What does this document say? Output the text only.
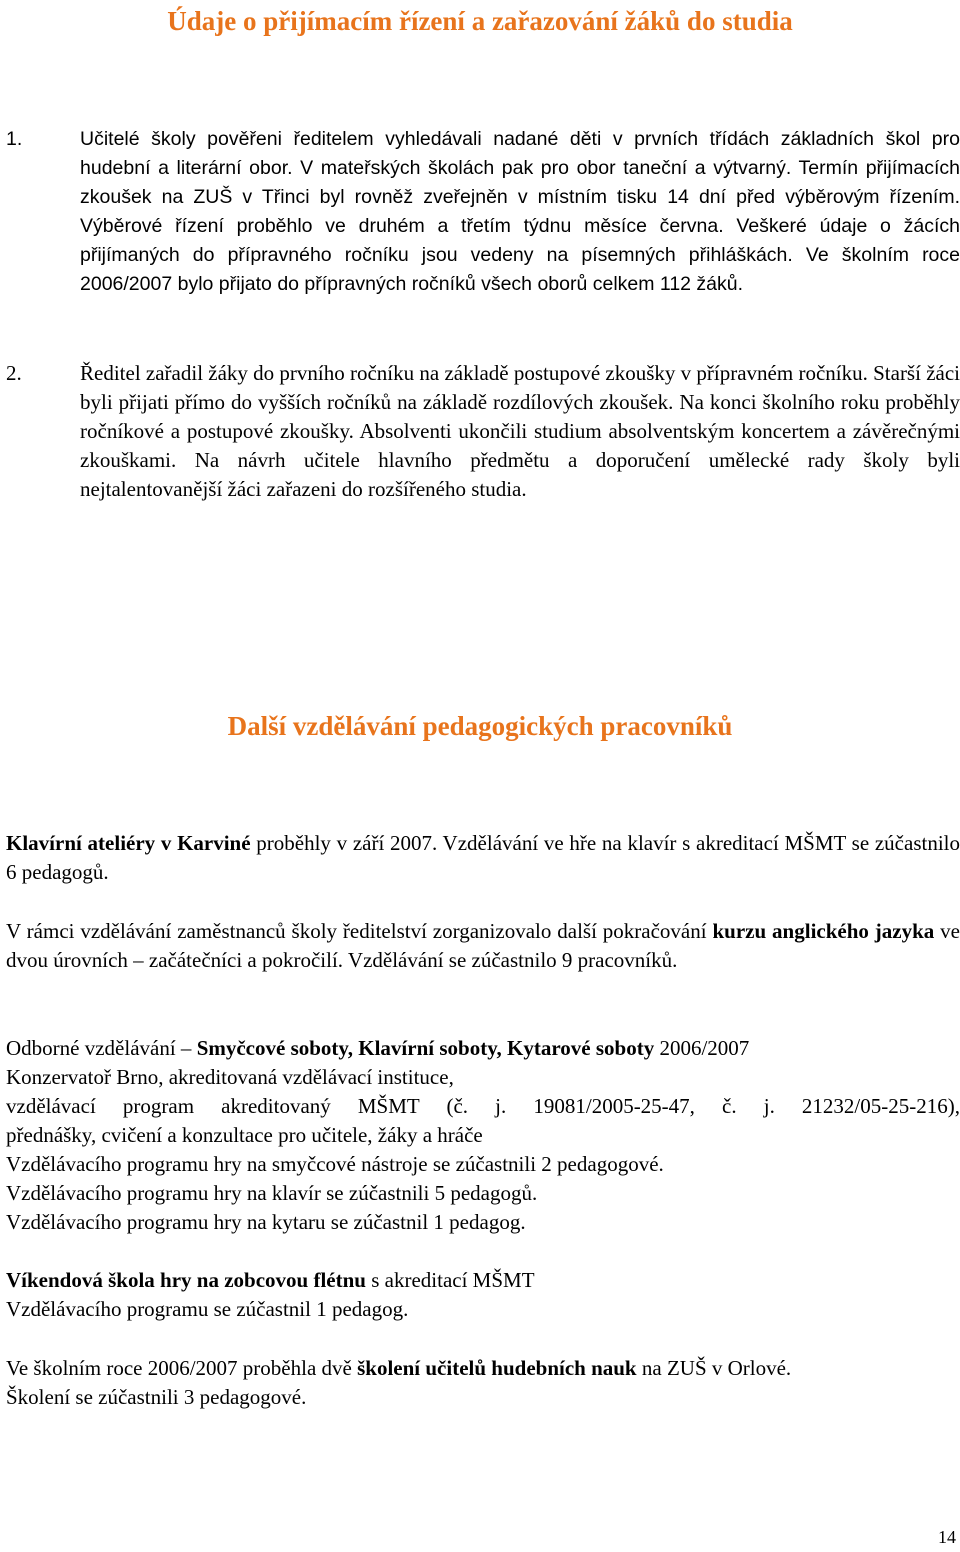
Údaje o přijímacím řízení a zařazování žáků do studia
1.	Učitelé školy pověřeni ředitelem vyhledávali nadané děti v prvních třídách základních škol pro hudební a literární obor. V mateřských školách pak pro obor taneční a výtvarný. Termín přijímacích zkoušek na ZUŠ v Třinci byl rovněž zveřejněn v místním tisku 14 dní před výběrovým řízením. Výběrové řízení proběhlo ve druhém a třetím týdnu měsíce června. Veškeré údaje o žácích přijímaných do přípravného ročníku jsou vedeny na písemných přihláškách. Ve školním roce 2006/2007 bylo přijato do přípravných ročníků všech oborů celkem 112 žáků.
2.	Ředitel zařadil žáky do prvního ročníku na základě postupové zkoušky v přípravném ročníku. Starší žáci byli přijati přímo do vyšších ročníků na základě rozdílových zkoušek. Na konci školního roku proběhly ročníkové a postupové zkoušky. Absolventi ukončili studium absolventským koncertem a závěrečnými zkouškami. Na návrh učitele hlavního předmětu a doporučení umělecké rady školy byli nejtalentovanější žáci zařazeni do rozšířeného studia.
Další vzdělávání pedagogických pracovníků
Klavírní ateliéry v Karviné proběhly v září 2007. Vzdělávání ve hře na klavír s akreditací MŠMT se zúčastnilo 6 pedagogů.
V rámci vzdělávání zaměstnanců školy ředitelství zorganizovalo další pokračování kurzu anglického jazyka ve dvou úrovních – začátečníci a pokročilí. Vzdělávání se zúčastnilo 9 pracovníků.
Odborné vzdělávání – Smyčcové soboty, Klavírní soboty, Kytarové soboty 2006/2007
Konzervatoř Brno, akreditovaná vzdělávací instituce,
vzdělávací program akreditovaný MŠMT (č. j. 19081/2005-25-47, č. j. 21232/05-25-216),
přednášky, cvičení a konzultace pro učitele, žáky a hráče
Vzdělávacího programu hry na smyčcové nástroje se zúčastnili 2 pedagogové.
Vzdělávacího programu hry na klavír se zúčastnili 5 pedagogů.
Vzdělávacího programu hry na kytaru se zúčastnil 1 pedagog.
Víkendová škola hry na zobcovou flétnu s akreditací MŠMT
Vzdělávacího programu se zúčastnil 1 pedagog.
Ve školním roce 2006/2007 proběhla dvě školení učitelů hudebních nauk na ZUŠ v Orlové.
Školení se zúčastnili 3 pedagogové.
14
